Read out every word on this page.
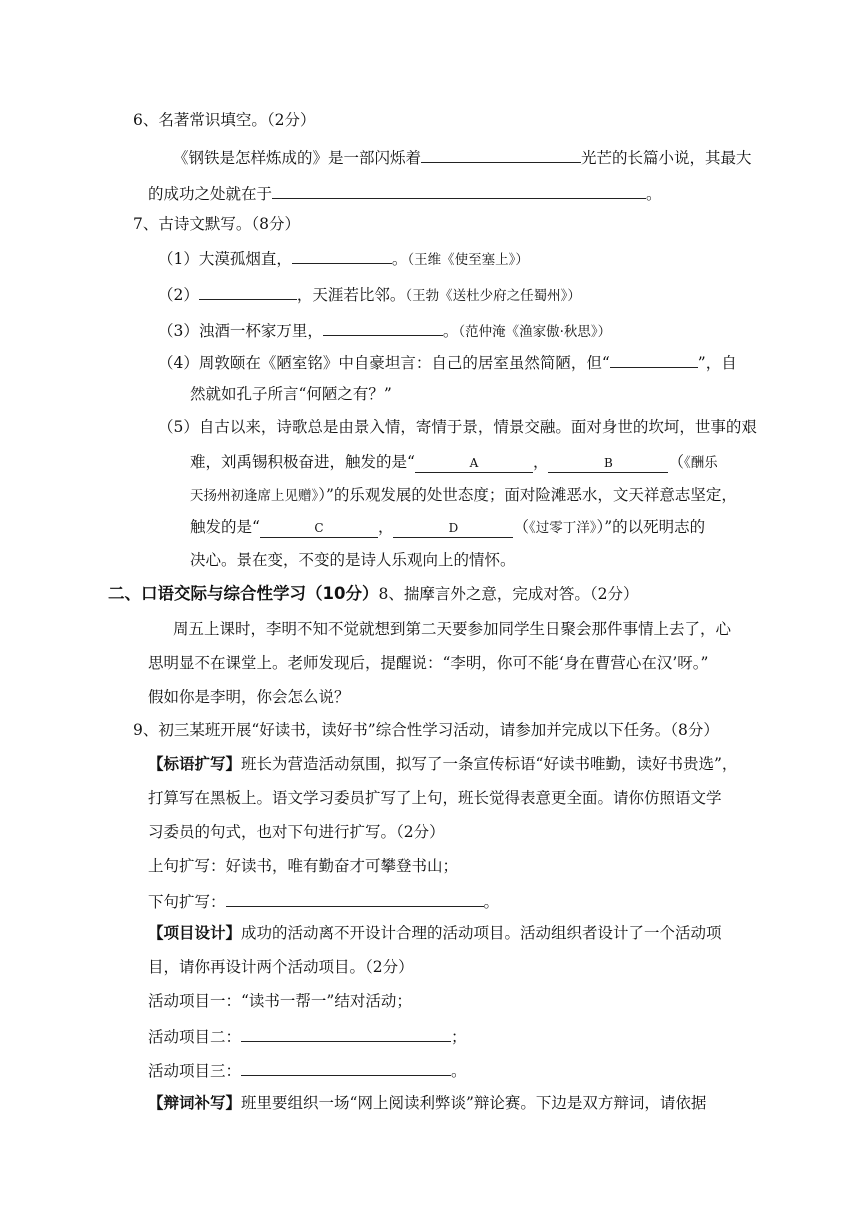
6、名著常识填空。（2分）
《钢铁是怎样炼成的》是一部闪烁着	光芒的长篇小说，其最大
的成功之处就在于	。
7、古诗文默写。（8分）
（1）大漠孤烟直，	。（王维《使至塞上》）
（2）	，天涯若比邻。（王勃《送杜少府之任蜀州》）
（3）浊酒一杯家万里，	。（范仲淹《渔家傲·秋思》）
（4）周敦颐在《陋室铭》中自豪坦言：自己的居室虽然简陋，但“	”，自
然就如孔子所言“何陋之有？”
（5）自古以来，诗歌总是由景入情，寄情于景，情景交融。面对身世的坎坷，世事的艰
难，刘禹锡积极奋进，触发的是“	A	，	B	（《酬乐
天扬州初逢席上见赠》）”的乐观发展的处世态度；面对险滩恶水，文天祥意志坚定，
触发的是“	C	，	D	（《过零丁洋》）”的以死明志的
决心。景在变，不变的是诗人乐观向上的情怀。
二、口语交际与综合性学习（10分）8、揣摩言外之意，完成对答。（2分）
周五上课时，李明不知不觉就想到第二天要参加同学生日聚会那件事情上去了，心
思明显不在课堂上。老师发现后，提醒说：“李明，你可不能‘身在曹营心在汉’呀。”
假如你是李明，你会怎么说？
9、初三某班开展“好读书，读好书”综合性学习活动，请参加并完成以下任务。（8分）
【标语扩写】班长为营造活动氛围，拟写了一条宣传标语“好读书唯勤，读好书贵选”，
打算写在黑板上。语文学习委员扩写了上句，班长觉得表意更全面。请你仿照语文学
习委员的句式，也对下句进行扩写。（2分）
上句扩写：好读书，唯有勤奋才可攀登书山；
下句扩写：	。
【项目设计】成功的活动离不开设计合理的活动项目。活动组织者设计了一个活动项
目，请你再设计两个活动项目。（2分）
活动项目一：“读书一帮一”结对活动；
活动项目二：	；
活动项目三：	。
【辩词补写】班里要组织一场“网上阅读利弊谈”辩论赛。下边是双方辩词，请依据
